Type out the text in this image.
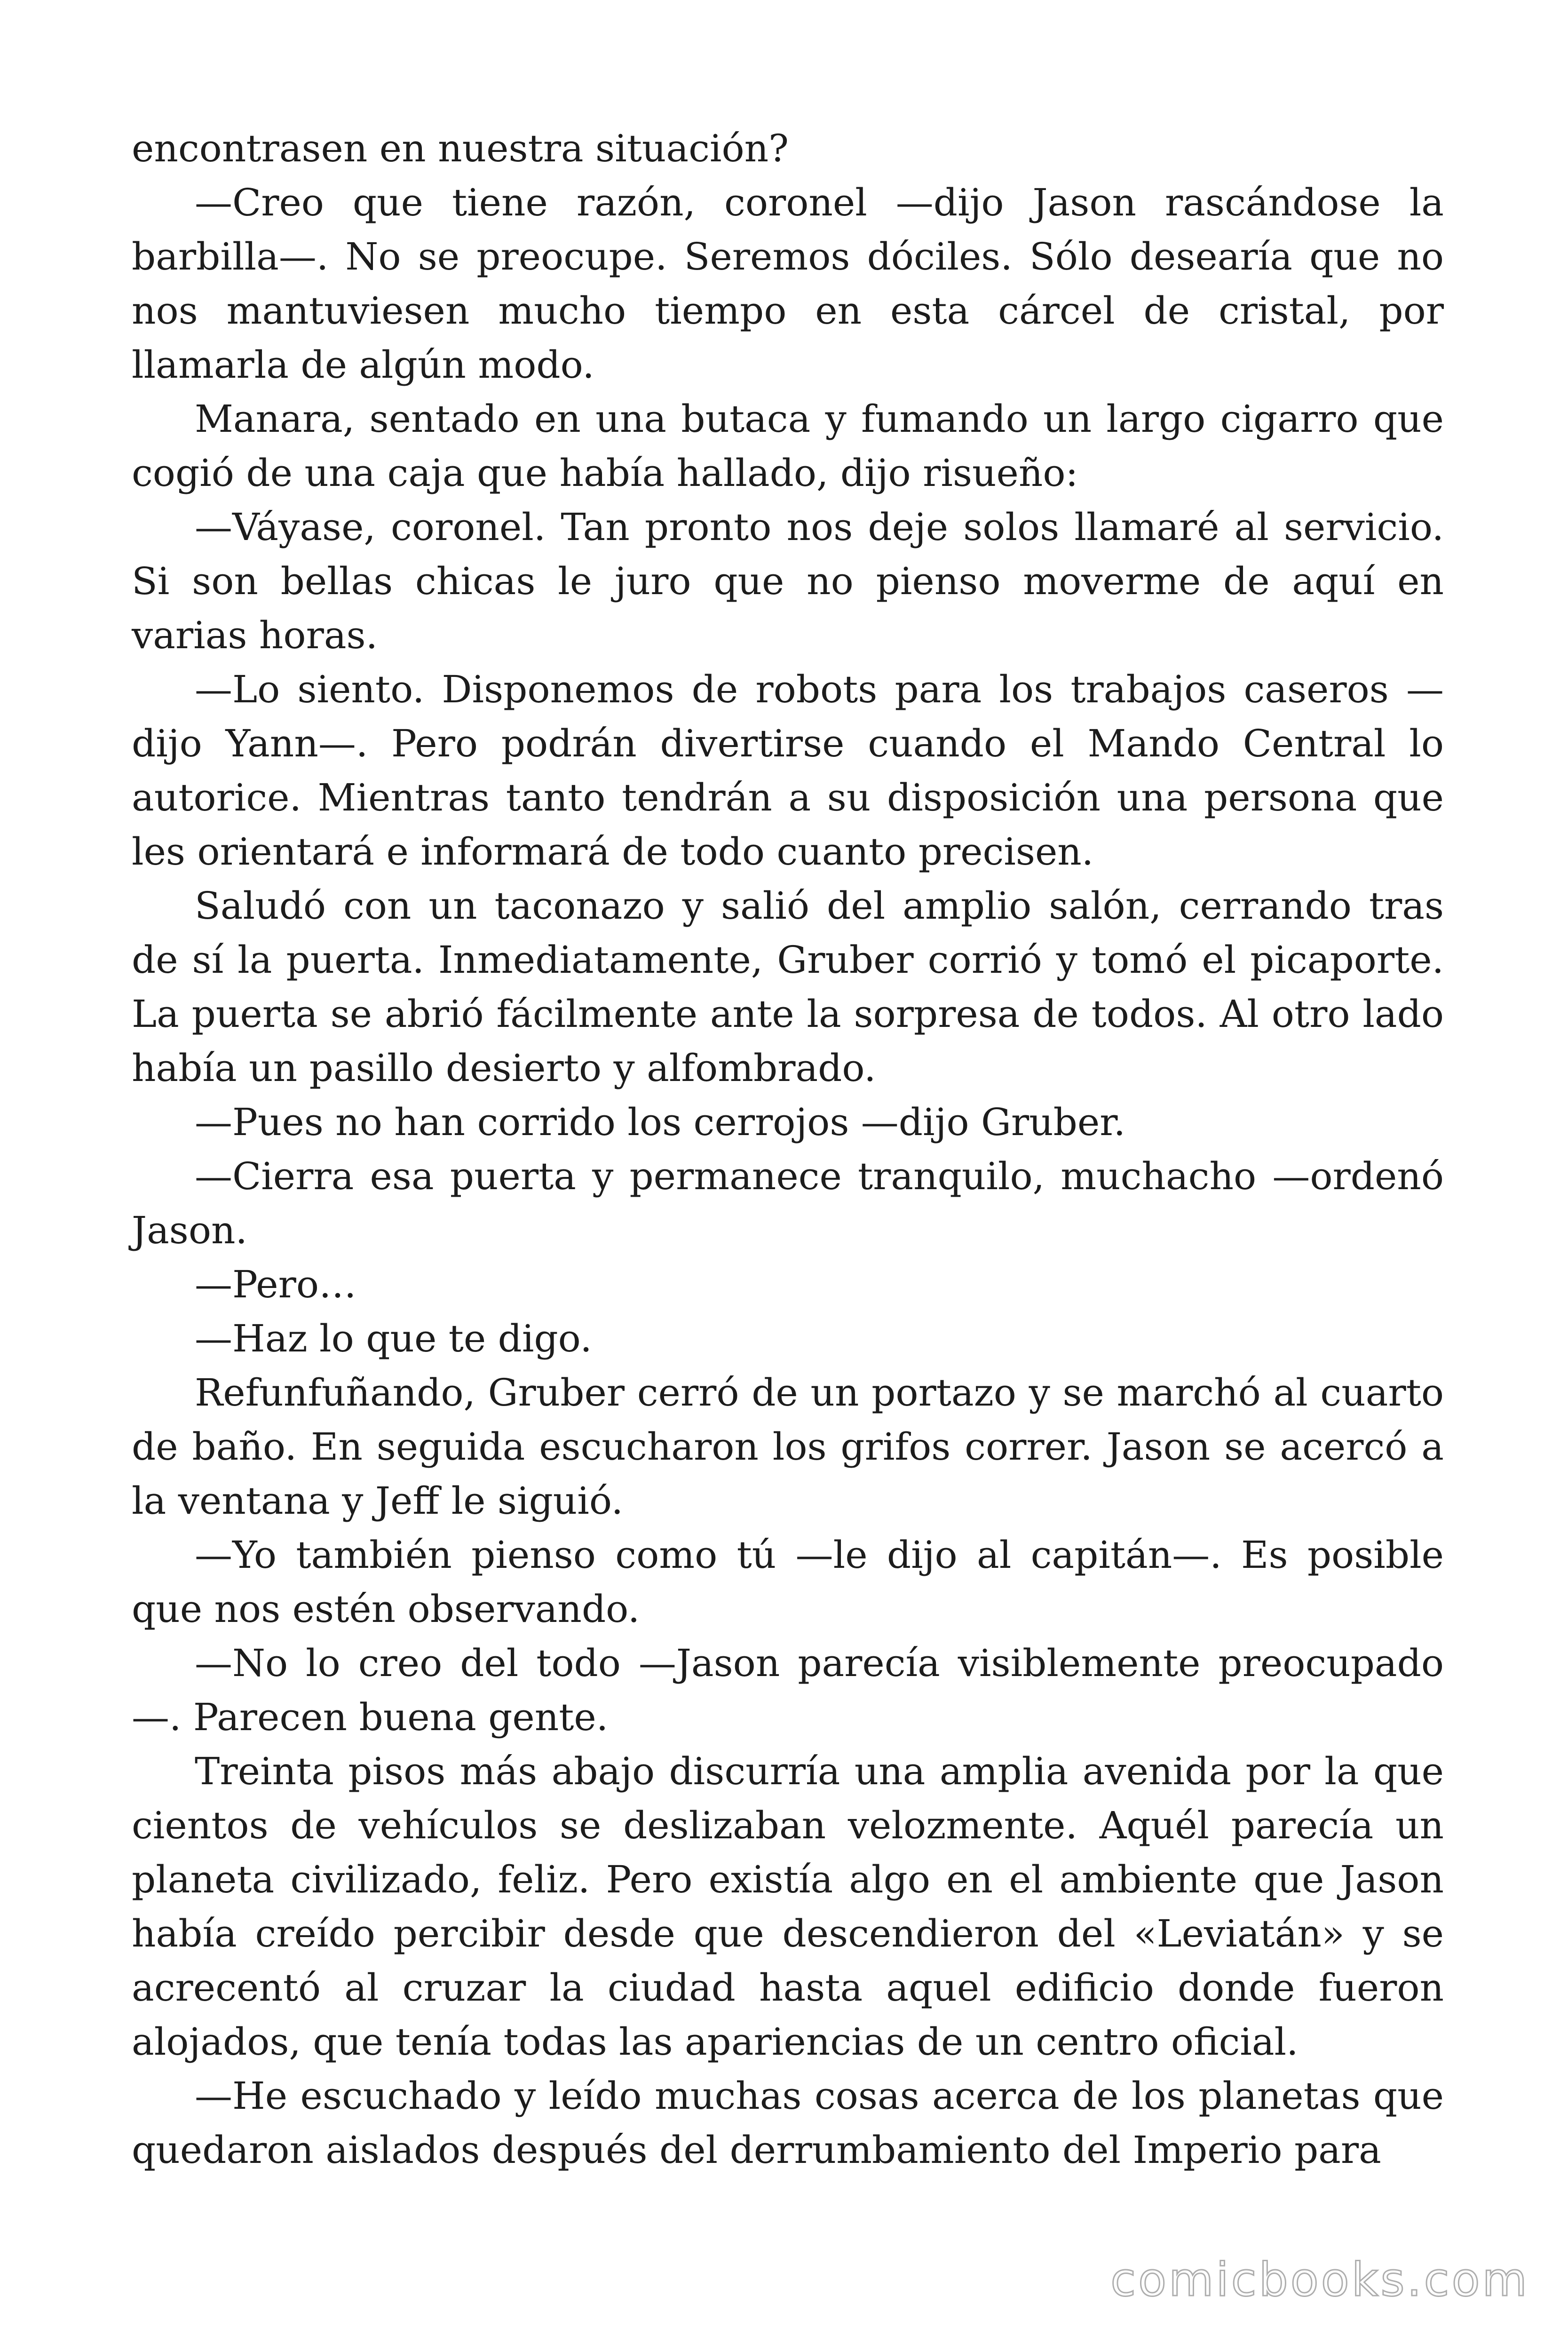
encontrasen en nuestra situación?

—Creo que tiene razón, coronel —dijo Jason rascándose la barbilla—. No se preocupe. Seremos dóciles. Sólo desearía que no nos mantuviesen mucho tiempo en esta cárcel de cristal, por llamarla de algún modo.

Manara, sentado en una butaca y fumando un largo cigarro que cogió de una caja que había hallado, dijo risueño:

—Váyase, coronel. Tan pronto nos deje solos llamaré al servicio. Si son bellas chicas le juro que no pienso moverme de aquí en varias horas.

—Lo siento. Disponemos de robots para los trabajos caseros —dijo Yann—. Pero podrán divertirse cuando el Mando Central lo autorice. Mientras tanto tendrán a su disposición una persona que les orientará e informará de todo cuanto precisen.

Saludó con un taconazo y salió del amplio salón, cerrando tras de sí la puerta. Inmediatamente, Gruber corrió y tomó el picaporte. La puerta se abrió fácilmente ante la sorpresa de todos. Al otro lado había un pasillo desierto y alfombrado.

—Pues no han corrido los cerrojos —dijo Gruber.

—Cierra esa puerta y permanece tranquilo, muchacho —ordenó Jason.

—Pero…

—Haz lo que te digo.

Refunfuñando, Gruber cerró de un portazo y se marchó al cuarto de baño. En seguida escucharon los grifos correr. Jason se acercó a la ventana y Jeff le siguió.

—Yo también pienso como tú —le dijo al capitán—. Es posible que nos estén observando.

—No lo creo del todo —Jason parecía visiblemente preocupado—. Parecen buena gente.

Treinta pisos más abajo discurría una amplia avenida por la que cientos de vehículos se deslizaban velozmente. Aquél parecía un planeta civilizado, feliz. Pero existía algo en el ambiente que Jason había creído percibir desde que descendieron del «Leviatán» y se acrecentó al cruzar la ciudad hasta aquel edificio donde fueron alojados, que tenía todas las apariencias de un centro oficial.

—He escuchado y leído muchas cosas acerca de los planetas que quedaron aislados después del derrumbamiento del Imperio para

comicbooks.com
